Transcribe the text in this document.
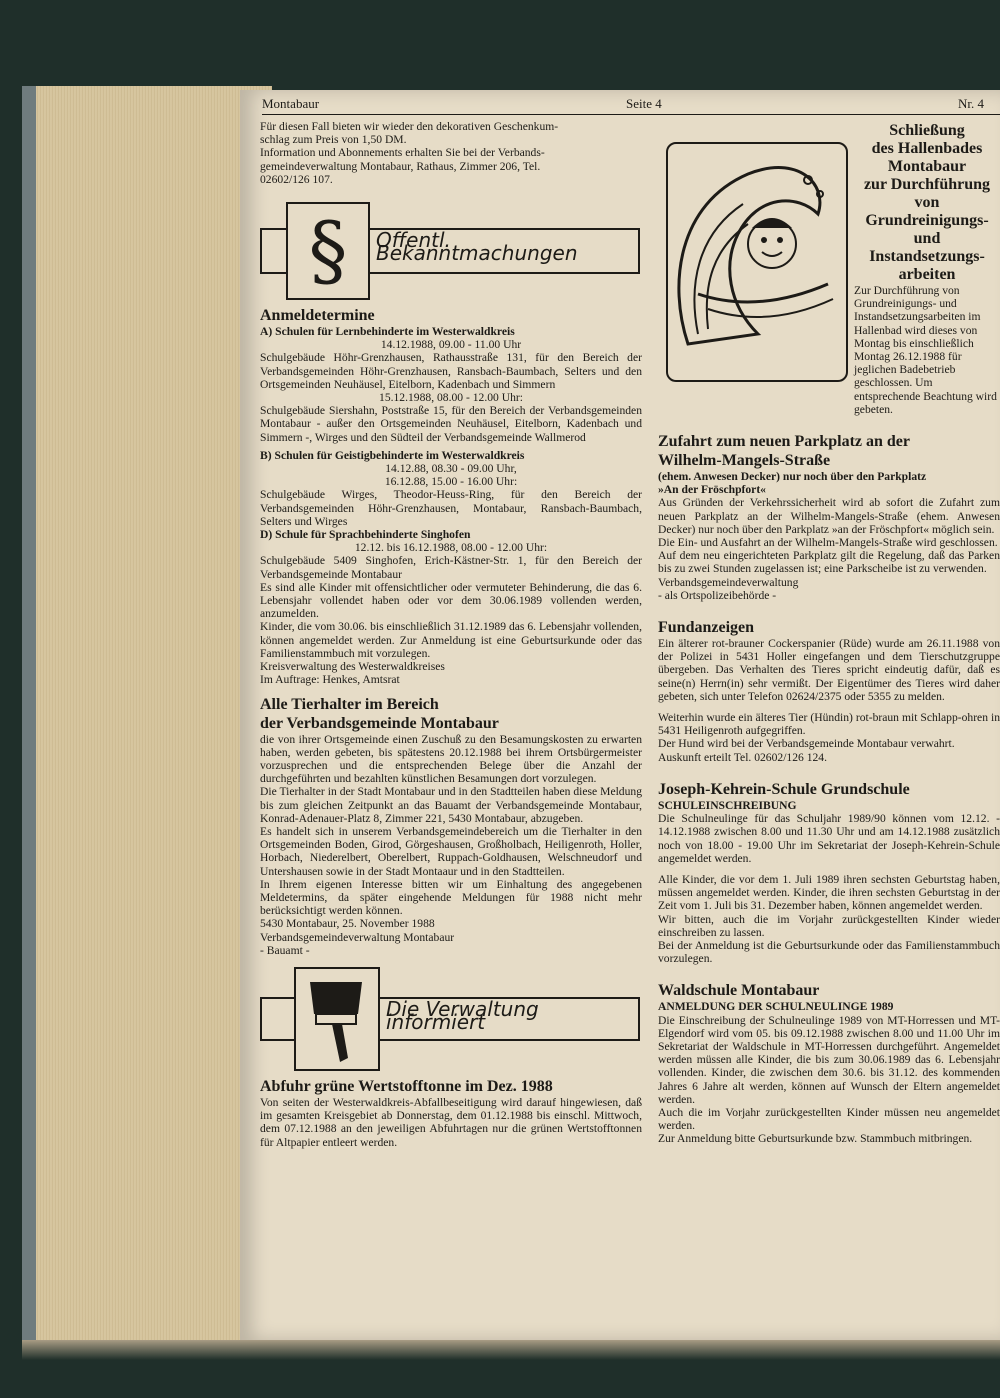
Montabaur	Seite 4	Nr. 4

Für diesen Fall bieten wir wieder den dekorativen Geschenkum-

schlag zum Preis von 1,50 DM.

Information und Abonnements erhalten Sie bei der Verbands-

gemeindeverwaltung Montabaur, Rathaus, Zimmer 206, Tel.

02602/126 107.

§ Öffentl. Bekanntmachungen

Anmeldetermine

A) Schulen für Lernbehinderte im Westerwaldkreis

14.12.1988, 09.00 - 11.00 Uhr

Schulgebäude Höhr-Grenzhausen, Rathausstraße 131, für den Bereich der Verbandsgemeinden Höhr-Grenzhausen, Ransbach-Baumbach, Selters und den Ortsgemeinden Neuhäusel, Eitelborn, Kadenbach und Simmern

15.12.1988, 08.00 - 12.00 Uhr:

Schulgebäude Siershahn, Poststraße 15, für den Bereich der Verbandsgemeinden Montabaur - außer den Ortsgemeinden Neuhäusel, Eitelborn, Kadenbach und Simmern -, Wirges und den Südteil der Verbandsgemeinde Wallmerod

B) Schulen für Geistigbehinderte im Westerwaldkreis

14.12.88, 08.30 - 09.00 Uhr,

16.12.88, 15.00 - 16.00 Uhr:

Schulgebäude Wirges, Theodor-Heuss-Ring, für den Bereich der Verbandsgemeinden Höhr-Grenzhausen, Montabaur, Ransbach-Baumbach, Selters und Wirges

D) Schule für Sprachbehinderte Singhofen

12.12. bis 16.12.1988, 08.00 - 12.00 Uhr:

Schulgebäude 5409 Singhofen, Erich-Kästner-Str. 1, für den Bereich der Verbandsgemeinde Montabaur

Es sind alle Kinder mit offensichtlicher oder vermuteter Behinderung, die das 6. Lebensjahr vollendet haben oder vor dem 30.06.1989 vollenden werden, anzumelden.

Kinder, die vom 30.06. bis einschließlich 31.12.1989 das 6. Lebensjahr vollenden, können angemeldet werden. Zur Anmeldung ist eine Geburtsurkunde oder das Familienstammbuch mit vorzulegen.

Kreisverwaltung des Westerwaldkreises

Im Auftrage: Henkes, Amtsrat

Alle Tierhalter im Bereich

der Verbandsgemeinde Montabaur

die von ihrer Ortsgemeinde einen Zuschuß zu den Besamungskosten zu erwarten haben, werden gebeten, bis spätestens 20.12.1988 bei ihrem Ortsbürgermeister vorzusprechen und die entsprechenden Belege über die Anzahl der durchgeführten und bezahlten künstlichen Besamungen dort vorzulegen.

Die Tierhalter in der Stadt Montabaur und in den Stadtteilen haben diese Meldung bis zum gleichen Zeitpunkt an das Bauamt der Verbandsgemeinde Montabaur, Konrad-Adenauer-Platz 8, Zimmer 221, 5430 Montabaur, abzugeben.

Es handelt sich in unserem Verbandsgemeindebereich um die Tierhalter in den Ortsgemeinden Boden, Girod, Görgeshausen, Großholbach, Heiligenroth, Holler, Horbach, Niederelbert, Oberelbert, Ruppach-Goldhausen, Welschneudorf und Untershausen sowie in der Stadt Montaaur und in den Stadtteilen.

In Ihrem eigenen Interesse bitten wir um Einhaltung des angegebenen Meldetermins, da später eingehende Meldungen für 1988 nicht mehr berücksichtigt werden können.

5430 Montabaur, 25. November 1988

Verbandsgemeindeverwaltung Montabaur

- Bauamt -

Die Verwaltung informiert

Abfuhr grüne Wertstofftonne im Dez. 1988

Von seiten der Westerwaldkreis-Abfallbeseitigung wird darauf hingewiesen, daß im gesamten Kreisgebiet ab Donnerstag, dem 01.12.1988 bis einschl. Mittwoch, dem 07.12.1988 an den jeweiligen Abfuhrtagen nur die grünen Wertstofftonnen für Altpapier entleert werden.

Schließung
des Hallenbades
Montabaur
zur Durchführung
von Grundreinigungs-
und Instandsetzungs-
arbeiten

Zur Durchführung von Grundreinigungs- und Instandsetzungsarbeiten im Hallenbad wird dieses von Montag bis einschließlich Montag 26.12.1988 für jeglichen Badebetrieb geschlossen. Um entsprechende Beachtung wird gebeten.

Zufahrt zum neuen Parkplatz an der

Wilhelm-Mangels-Straße

(ehem. Anwesen Decker) nur noch über den Parkplatz

»An der Fröschpfort«

Aus Gründen der Verkehrssicherheit wird ab sofort die Zufahrt zum neuen Parkplatz an der Wilhelm-Mangels-Straße (ehem. Anwesen Decker) nur noch über den Parkplatz »an der Fröschpfort« möglich sein.

Die Ein- und Ausfahrt an der Wilhelm-Mangels-Straße wird geschlossen.

Auf dem neu eingerichteten Parkplatz gilt die Regelung, daß das Parken bis zu zwei Stunden zugelassen ist; eine Parkscheibe ist zu verwenden.

Verbandsgemeindeverwaltung

- als Ortspolizeibehörde -

Fundanzeigen

Ein älterer rot-brauner Cockerspanier (Rüde) wurde am 26.11.1988 von der Polizei in 5431 Holler eingefangen und dem Tierschutzgruppe übergeben. Das Verhalten des Tieres spricht eindeutig dafür, daß es seine(n) Herrn(in) sehr vermißt. Der Eigentümer des Tieres wird daher gebeten, sich unter Telefon 02624/2375 oder 5355 zu melden.

Weiterhin wurde ein älteres Tier (Hündin) rot-braun mit Schlapp-ohren in 5431 Heiligenroth aufgegriffen.

Der Hund wird bei der Verbandsgemeinde Montabaur verwahrt.

Auskunft erteilt Tel. 02602/126 124.

Joseph-Kehrein-Schule Grundschule

SCHULEINSCHREIBUNG

Die Schulneulinge für das Schuljahr 1989/90 können vom 12.12. - 14.12.1988 zwischen 8.00 und 11.30 Uhr und am 14.12.1988 zusätzlich noch von 18.00 - 19.00 Uhr im Sekretariat der Joseph-Kehrein-Schule angemeldet werden.

Alle Kinder, die vor dem 1. Juli 1989 ihren sechsten Geburtstag haben, müssen angemeldet werden. Kinder, die ihren sechsten Geburtstag in der Zeit vom 1. Juli bis 31. Dezember haben, können angemeldet werden.

Wir bitten, auch die im Vorjahr zurückgestellten Kinder wieder einschreiben zu lassen.

Bei der Anmeldung ist die Geburtsurkunde oder das Familienstammbuch vorzulegen.

Waldschule Montabaur

ANMELDUNG DER SCHULNEULINGE 1989

Die Einschreibung der Schulneulinge 1989 von MT-Horressen und MT-Elgendorf wird vom 05. bis 09.12.1988 zwischen 8.00 und 11.00 Uhr im Sekretariat der Waldschule in MT-Horressen durchgeführt. Angemeldet werden müssen alle Kinder, die bis zum 30.06.1989 das 6. Lebensjahr vollenden. Kinder, die zwischen dem 30.6. bis 31.12. des kommenden Jahres 6 Jahre alt werden, können auf Wunsch der Eltern angemeldet werden.

Auch die im Vorjahr zurückgestellten Kinder müssen neu angemeldet werden.

Zur Anmeldung bitte Geburtsurkunde bzw. Stammbuch mitbringen.
